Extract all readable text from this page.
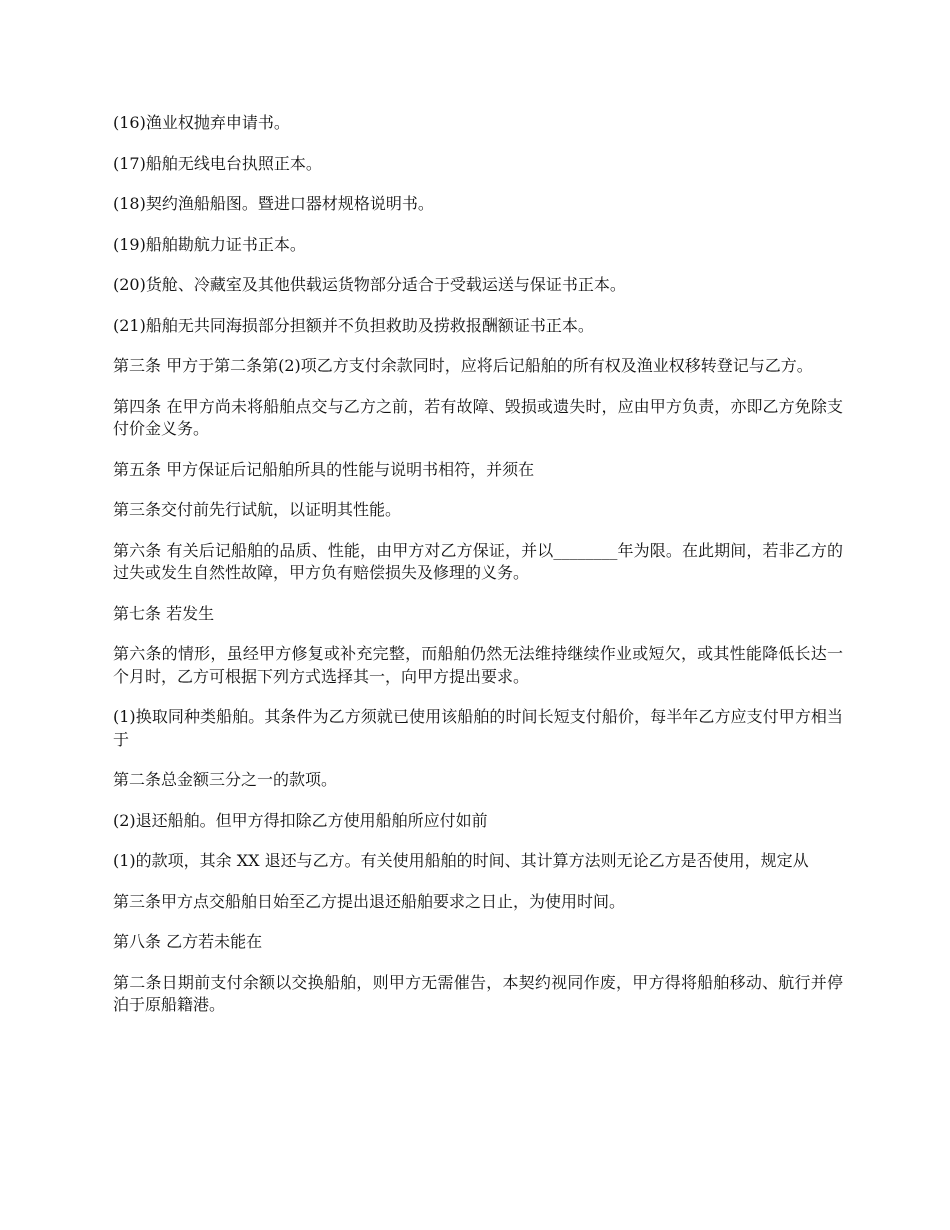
(16)渔业权抛弃申请书。

(17)船舶无线电台执照正本。

(18)契约渔船船图。暨进口器材规格说明书。

(19)船舶勘航力证书正本。

(20)货舱、冷藏室及其他供载运货物部分适合于受载运送与保证书正本。

(21)船舶无共同海损部分担额并不负担救助及捞救报酬额证书正本。

第三条 甲方于第二条第(2)项乙方支付余款同时，应将后记船舶的所有权及渔业权移转登记与乙方。

第四条 在甲方尚未将船舶点交与乙方之前，若有故障、毁损或遗失时，应由甲方负责，亦即乙方免除支付价金义务。

第五条 甲方保证后记船舶所具的性能与说明书相符，并须在

第三条交付前先行试航，以证明其性能。

第六条 有关后记船舶的品质、性能，由甲方对乙方保证，并以________年为限。在此期间，若非乙方的过失或发生自然性故障，甲方负有赔偿损失及修理的义务。

第七条 若发生

第六条的情形，虽经甲方修复或补充完整，而船舶仍然无法维持继续作业或短欠，或其性能降低长达一个月时，乙方可根据下列方式选择其一，向甲方提出要求。

(1)换取同种类船舶。其条件为乙方须就已使用该船舶的时间长短支付船价，每半年乙方应支付甲方相当于

第二条总金额三分之一的款项。

(2)退还船舶。但甲方得扣除乙方使用船舶所应付如前

(1)的款项，其余 XX 退还与乙方。有关使用船舶的时间、其计算方法则无论乙方是否使用，规定从

第三条甲方点交船舶日始至乙方提出退还船舶要求之日止，为使用时间。

第八条 乙方若未能在

第二条日期前支付余额以交换船舶，则甲方无需催告，本契约视同作废，甲方得将船舶移动、航行并停泊于原船籍港。
